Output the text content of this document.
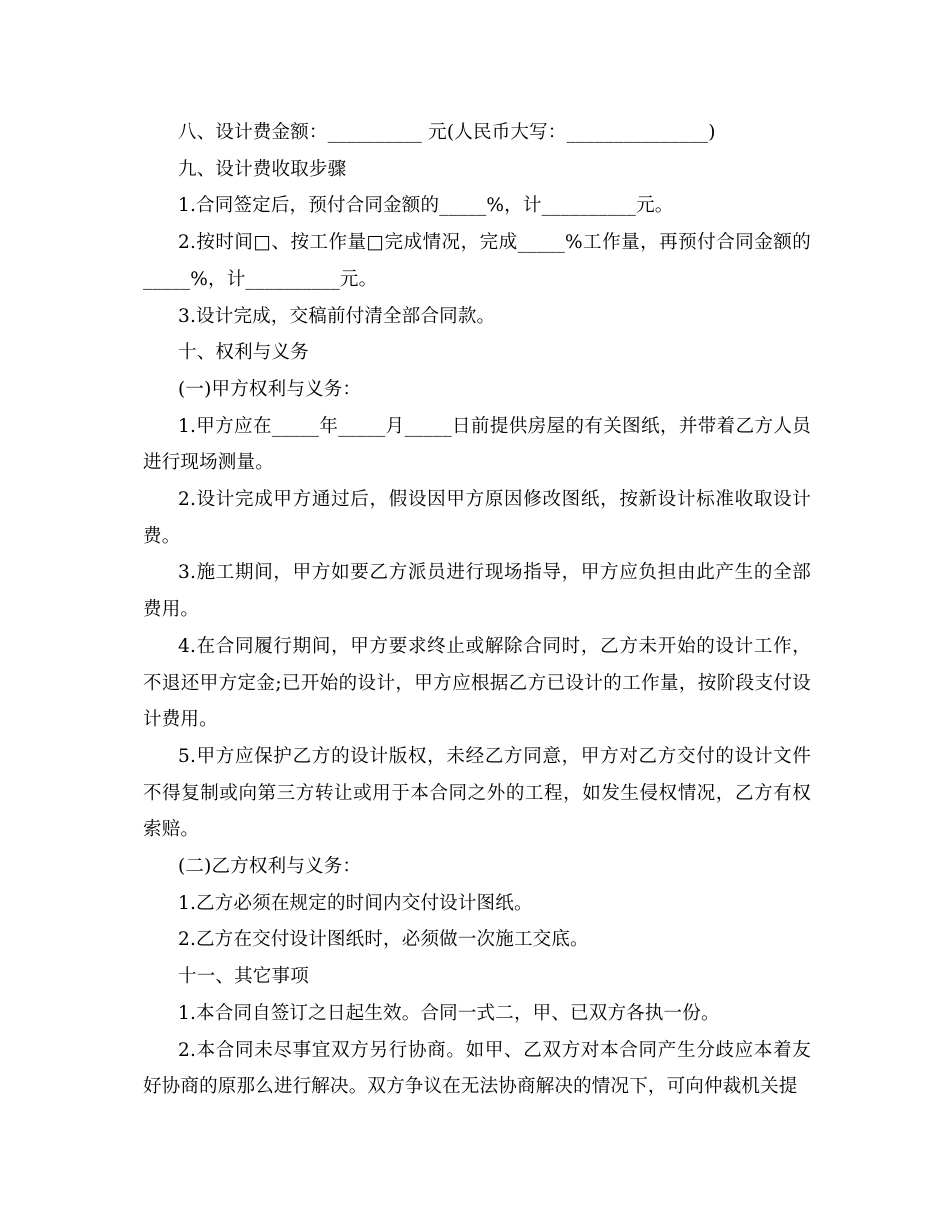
八、设计费金额：__________ 元(人民币大写：_______________)

九、设计费收取步骤

1.合同签定后，预付合同金额的_____%，计__________元。

2.按时间□、按工作量□完成情况，完成_____%工作量，再预付合同金额的_____%，计__________元。

3.设计完成，交稿前付清全部合同款。

十、权利与义务

(一)甲方权利与义务：

1.甲方应在_____年_____月_____日前提供房屋的有关图纸，并带着乙方人员进行现场测量。

2.设计完成甲方通过后，假设因甲方原因修改图纸，按新设计标准收取设计费。

3.施工期间，甲方如要乙方派员进行现场指导，甲方应负担由此产生的全部费用。

4.在合同履行期间，甲方要求终止或解除合同时，乙方未开始的设计工作，不退还甲方定金;已开始的设计，甲方应根据乙方已设计的工作量，按阶段支付设计费用。

5.甲方应保护乙方的设计版权，未经乙方同意，甲方对乙方交付的设计文件不得复制或向第三方转让或用于本合同之外的工程，如发生侵权情况，乙方有权索赔。

(二)乙方权利与义务：

1.乙方必须在规定的时间内交付设计图纸。

2.乙方在交付设计图纸时，必须做一次施工交底。

十一、其它事项

1.本合同自签订之日起生效。合同一式二，甲、已双方各执一份。

2.本合同未尽事宜双方另行协商。如甲、乙双方对本合同产生分歧应本着友好协商的原那么进行解决。双方争议在无法协商解决的情况下，可向仲裁机关提
